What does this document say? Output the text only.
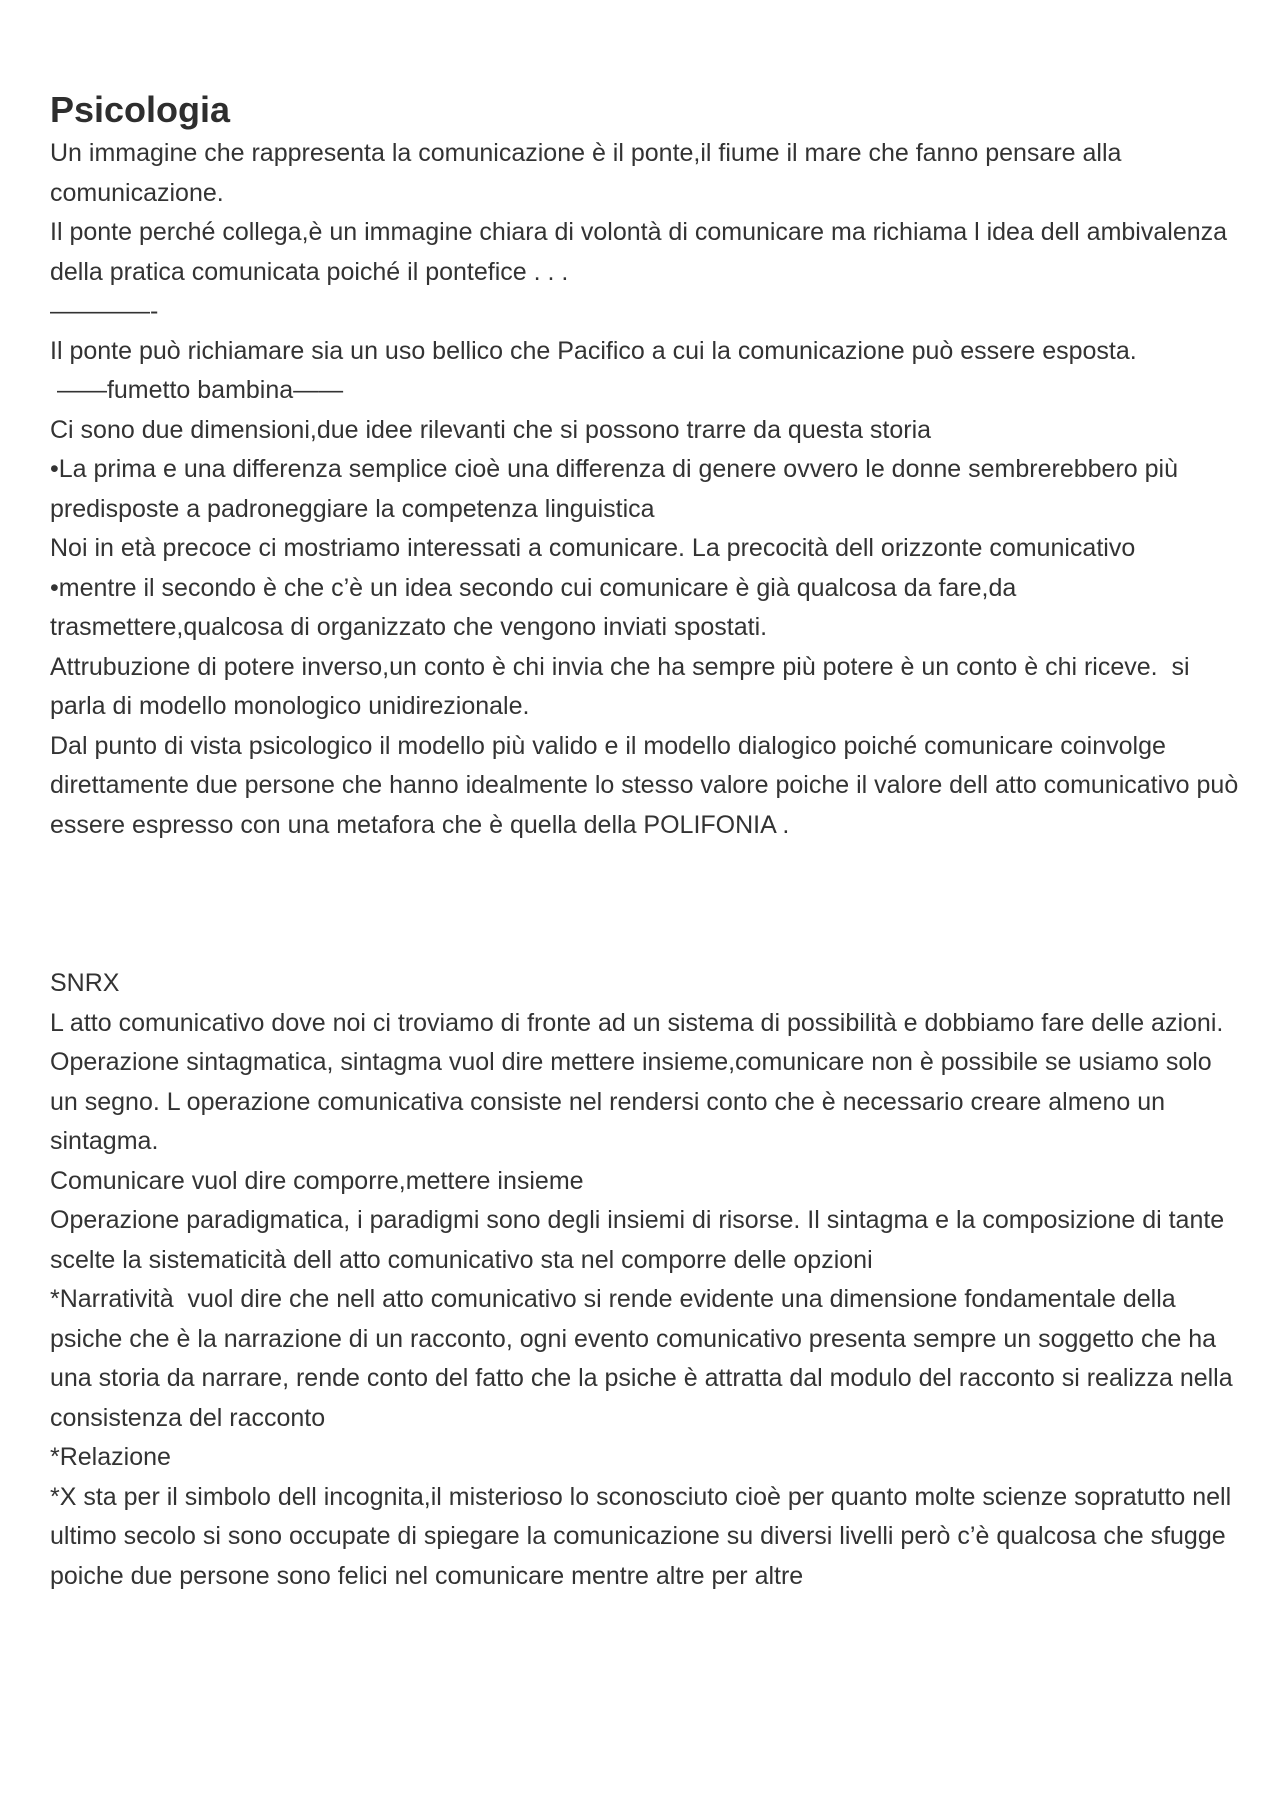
Psicologia

Un immagine che rappresenta la comunicazione è il ponte,il fiume il mare che fanno pensare alla comunicazione.

Il ponte perché collega,è un immagine chiara di volontà di comunicare ma richiama l idea dell ambivalenza della pratica comunicata poiché il pontefice . . .

————-

Il ponte può richiamare sia un uso bellico che Pacifico a cui la comunicazione può essere esposta.

——fumetto bambina——

Ci sono due dimensioni,due idee rilevanti che si possono trarre da questa storia

•La prima e una differenza semplice cioè una differenza di genere ovvero le donne sembrerebbero più predisposte a padroneggiare la competenza linguistica

Noi in età precoce ci mostriamo interessati a comunicare. La precocità dell orizzonte comunicativo

•mentre il secondo è che c’è un idea secondo cui comunicare è già qualcosa da fare,da trasmettere,qualcosa di organizzato che vengono inviati spostati.

Attrubuzione di potere inverso,un conto è chi invia che ha sempre più potere è un conto è chi riceve.  si parla di modello monologico unidirezionale.

Dal punto di vista psicologico il modello più valido e il modello dialogico poiché comunicare coinvolge direttamente due persone che hanno idealmente lo stesso valore poiche il valore dell atto comunicativo può essere espresso con una metafora che è quella della POLIFONIA .

SNRX

L atto comunicativo dove noi ci troviamo di fronte ad un sistema di possibilità e dobbiamo fare delle azioni.

Operazione sintagmatica, sintagma vuol dire mettere insieme,comunicare non è possibile se usiamo solo un segno. L operazione comunicativa consiste nel rendersi conto che è necessario creare almeno un sintagma.

Comunicare vuol dire comporre,mettere insieme

Operazione paradigmatica, i paradigmi sono degli insiemi di risorse. Il sintagma e la composizione di tante scelte la sistematicità dell atto comunicativo sta nel comporre delle opzioni

*Narratività  vuol dire che nell atto comunicativo si rende evidente una dimensione fondamentale della psiche che è la narrazione di un racconto, ogni evento comunicativo presenta sempre un soggetto che ha una storia da narrare, rende conto del fatto che la psiche è attratta dal modulo del racconto si realizza nella consistenza del racconto

*Relazione

*X sta per il simbolo dell incognita,il misterioso lo sconosciuto cioè per quanto molte scienze sopratutto nell ultimo secolo si sono occupate di spiegare la comunicazione su diversi livelli però c’è qualcosa che sfugge poiche due persone sono felici nel comunicare mentre altre per altre
